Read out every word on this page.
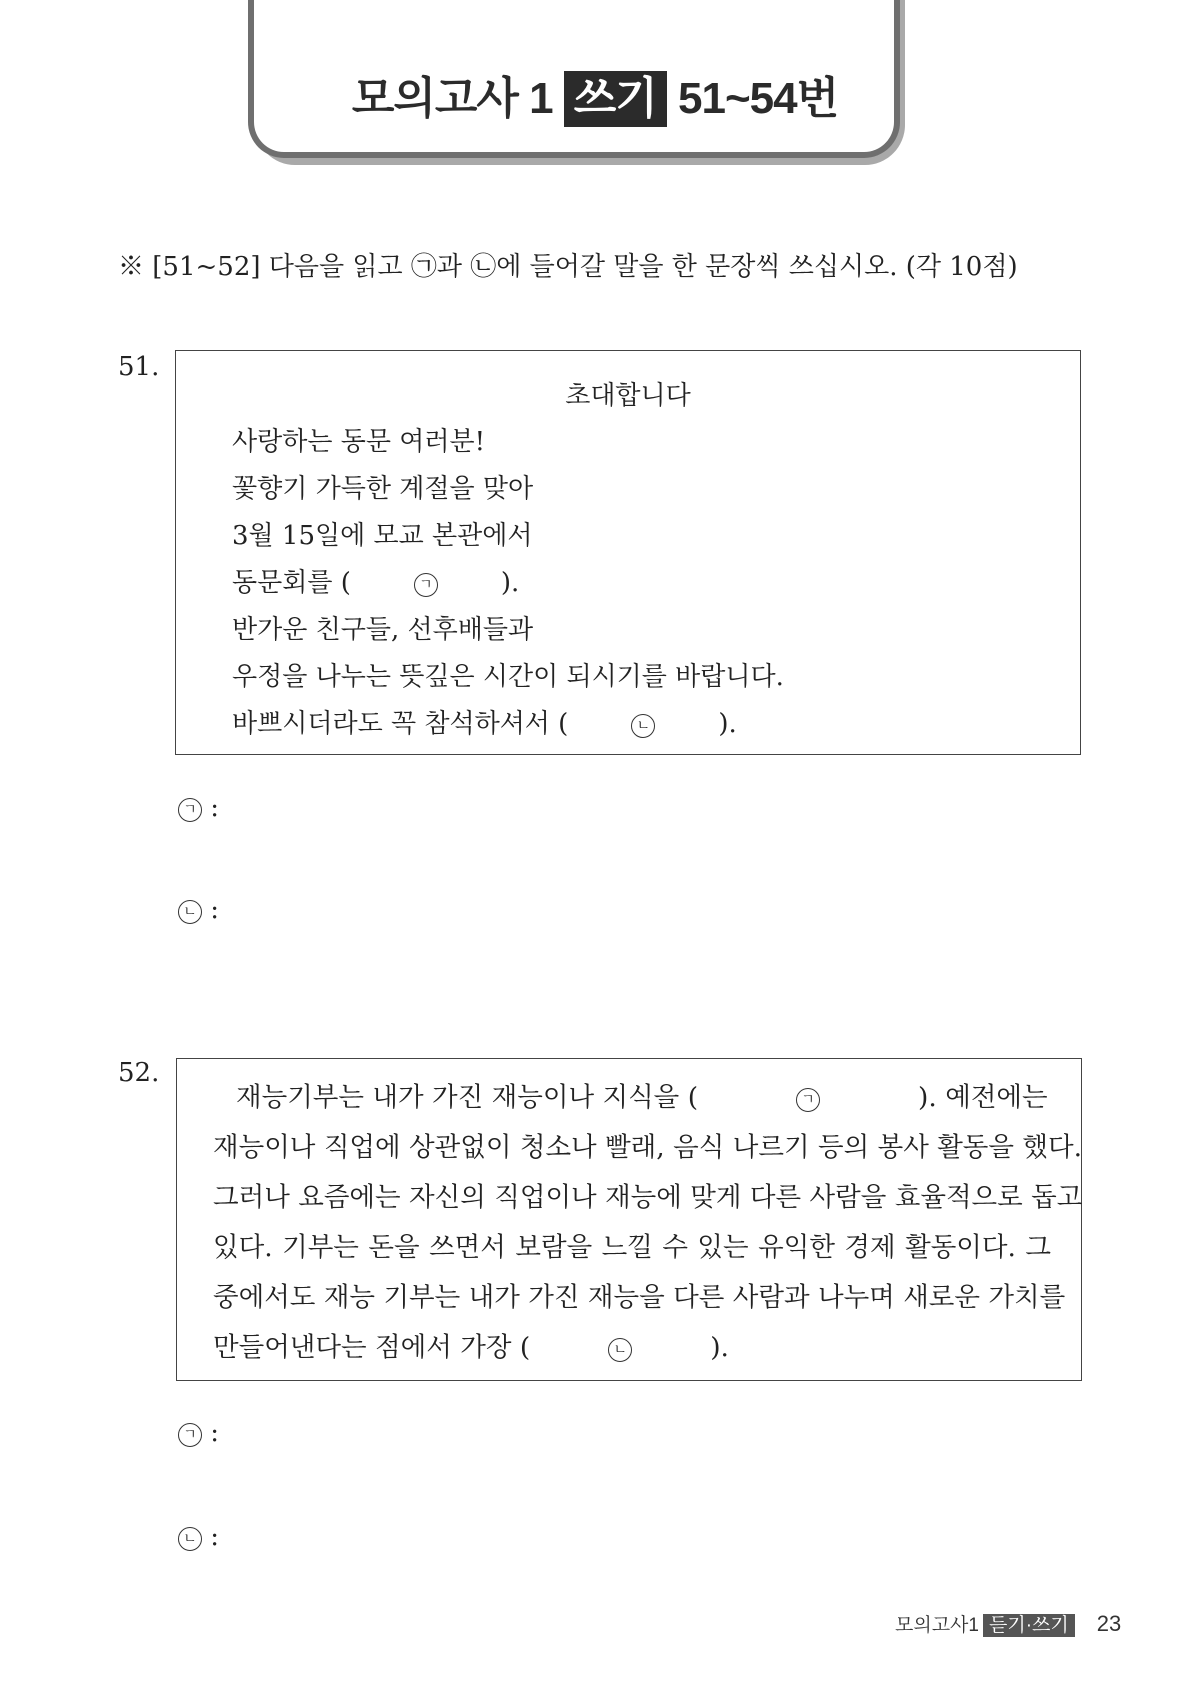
모의고사 1 쓰기 51~54번
※ [51~52] 다음을 읽고 ㉠과 ㉡에 들어갈 말을 한 문장씩 쓰십시오. (각 10점)
51.
초대합니다
사랑하는 동문 여러분!
꽃향기 가득한 계절을 맞아
3월 15일에 모교 본관에서
동문회를 (	ㄱ	).
반가운 친구들, 선후배들과
우정을 나누는 뜻깊은 시간이 되시기를 바랍니다.
바쁘시더라도 꼭 참석하셔서 (	ㄴ	).
ㄱ :
ㄴ :
52.
재능기부는 내가 가진 재능이나 지식을 (	ㄱ	). 예전에는
재능이나 직업에 상관없이 청소나 빨래, 음식 나르기 등의 봉사 활동을 했다.
그러나 요즘에는 자신의 직업이나 재능에 맞게 다른 사람을 효율적으로 돕고
있다. 기부는 돈을 쓰면서 보람을 느낄 수 있는 유익한 경제 활동이다. 그
중에서도 재능 기부는 내가 가진 재능을 다른 사람과 나누며 새로운 가치를
만들어낸다는 점에서 가장 (	ㄴ	).
ㄱ :
ㄴ :
모의고사1 듣기·쓰기 23
